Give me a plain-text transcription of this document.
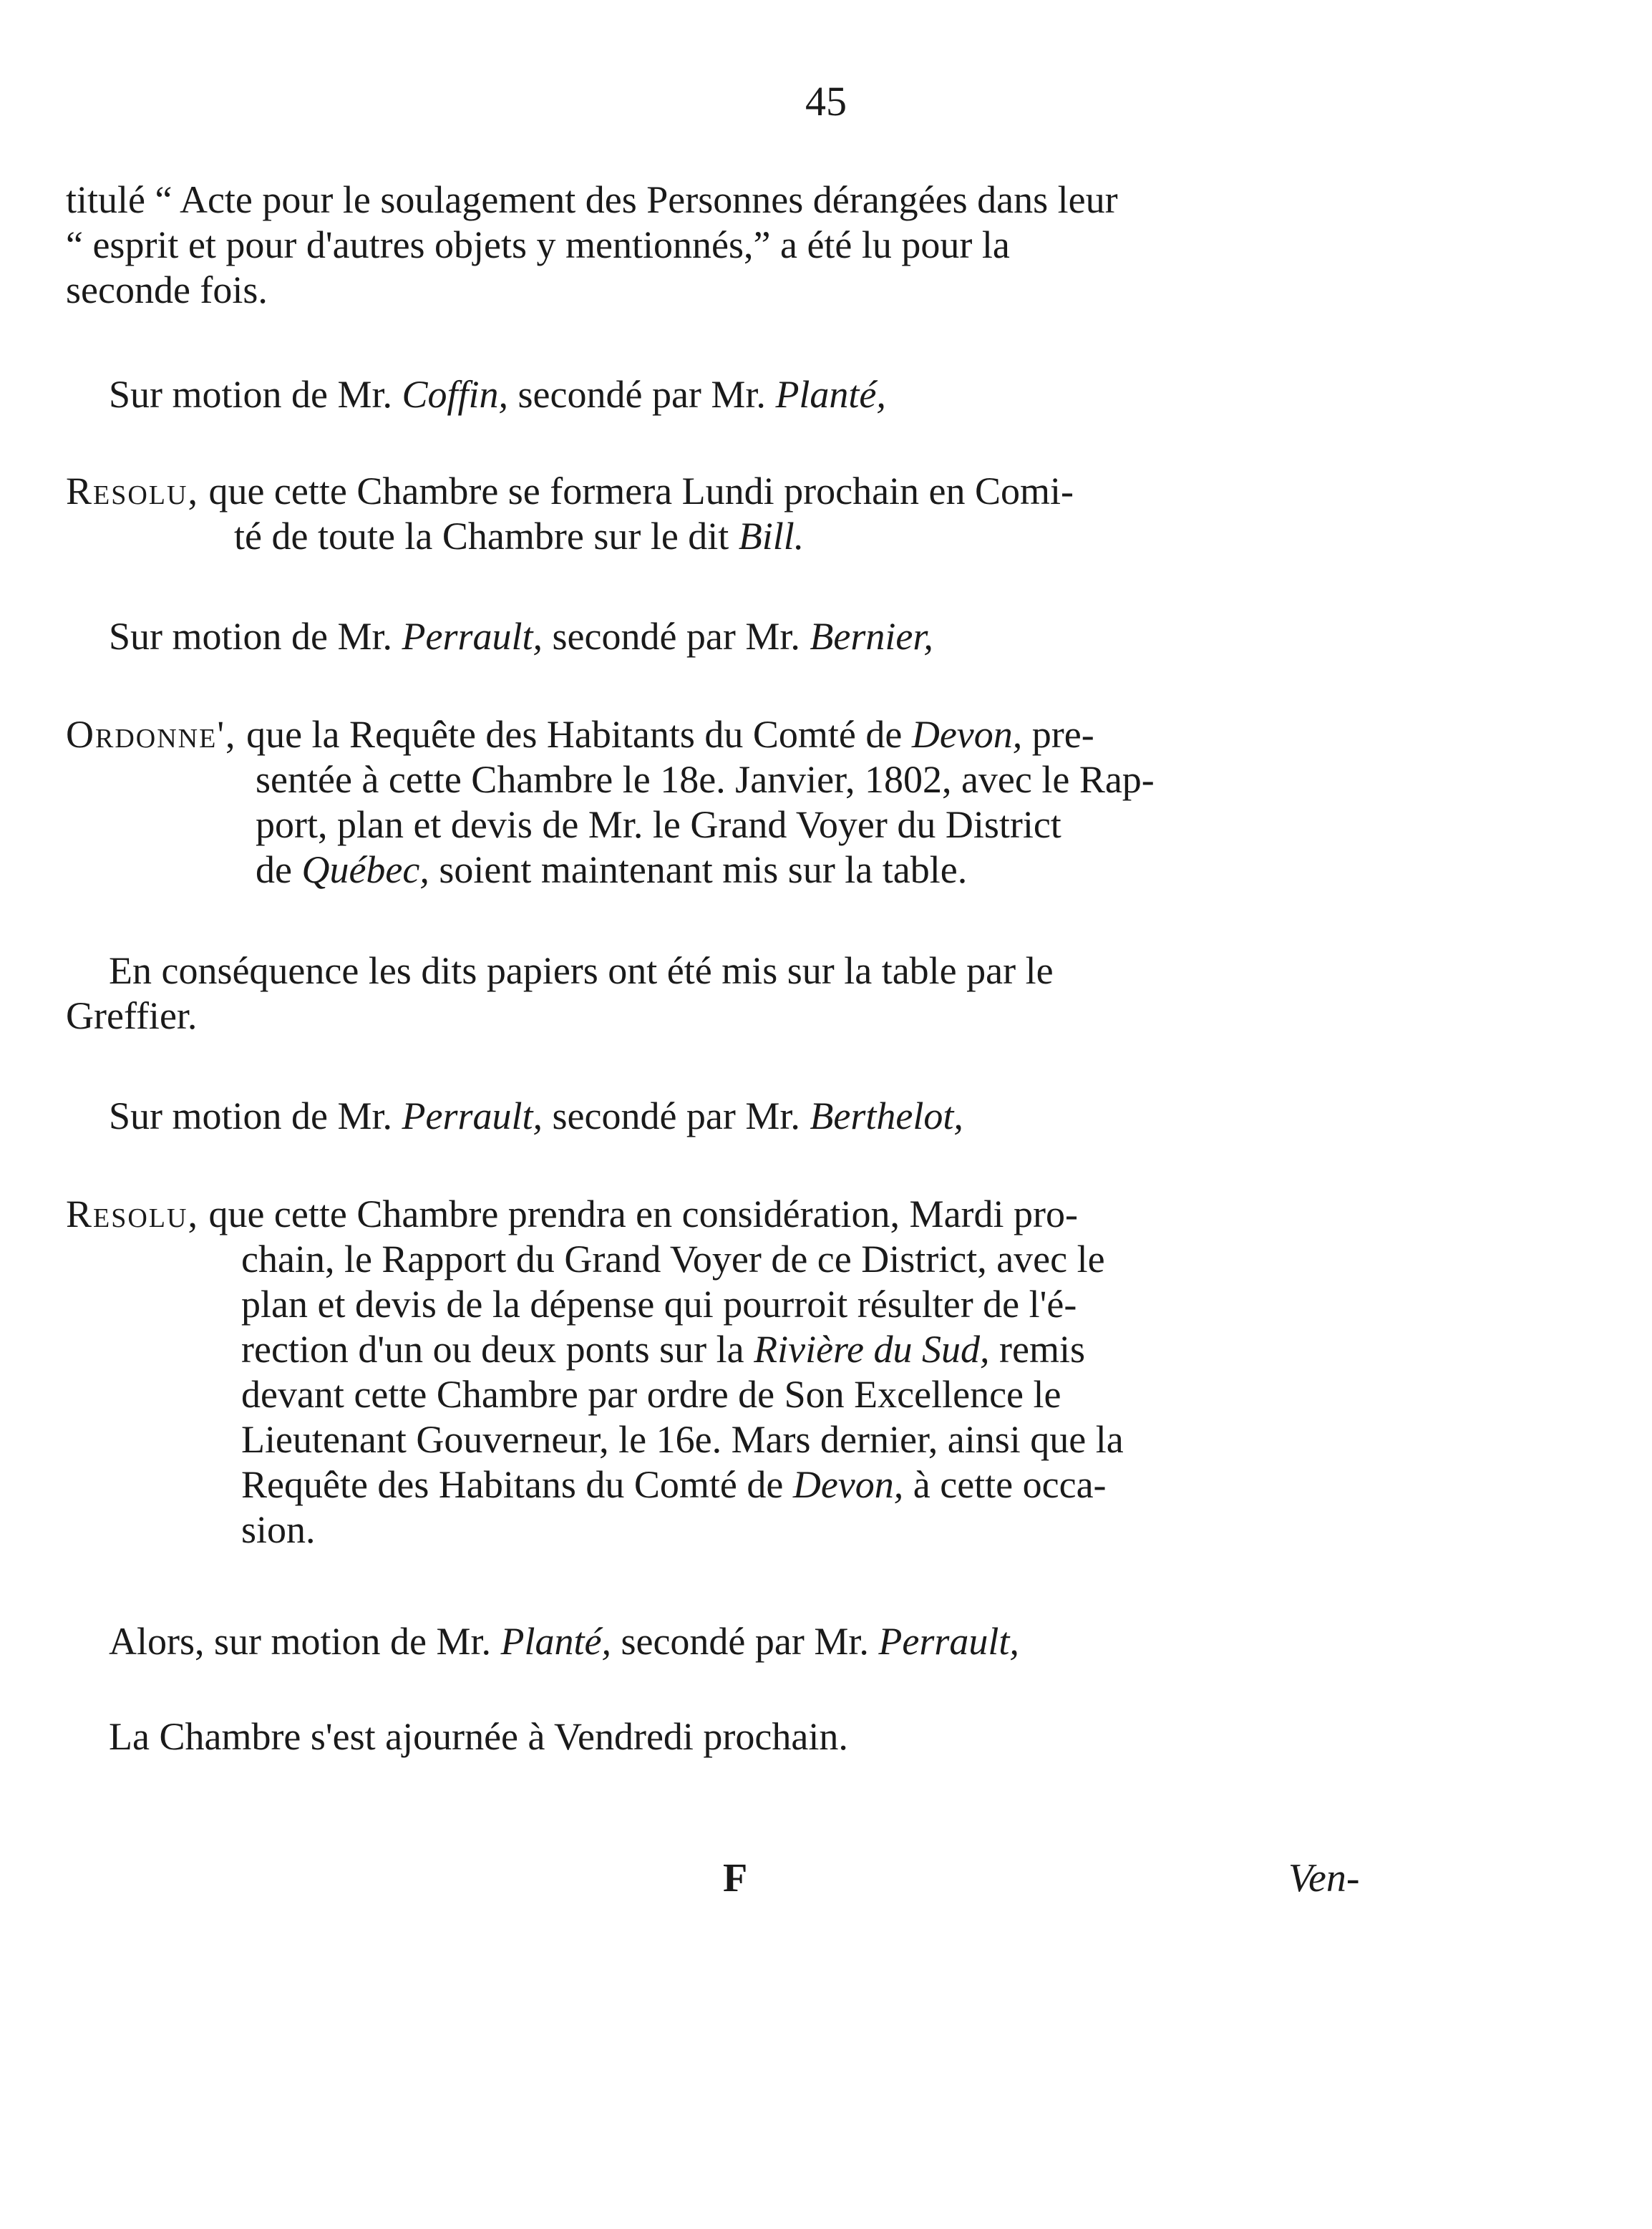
45
titulé “ Acte pour le soulagement des Personnes dérangées dans leur
“ esprit et pour d'autres objets y mentionnés,” a été lu pour la
seconde fois.
Sur motion de Mr. Coffin, secondé par Mr. Planté,
Resolu, que cette Chambre se formera Lundi prochain en Comi-
té de toute la Chambre sur le dit Bill.
Sur motion de Mr. Perrault, secondé par Mr. Bernier,
Ordonne', que la Requête des Habitants du Comté de Devon, pre-
sentée à cette Chambre le 18e. Janvier, 1802, avec le Rap-
port, plan et devis de Mr. le Grand Voyer du District
de Québec, soient maintenant mis sur la table.
En conséquence les dits papiers ont été mis sur la table par le
Greffier.
Sur motion de Mr. Perrault, secondé par Mr. Berthelot,
Resolu, que cette Chambre prendra en considération, Mardi pro-
chain, le Rapport du Grand Voyer de ce District, avec le
plan et devis de la dépense qui pourroit résulter de l'é-
rection d'un ou deux ponts sur la Rivière du Sud, remis
devant cette Chambre par ordre de Son Excellence le
Lieutenant Gouverneur, le 16e. Mars dernier, ainsi que la
Requête des Habitans du Comté de Devon, à cette occa-
sion.
Alors, sur motion de Mr. Planté, secondé par Mr. Perrault,
La Chambre s'est ajournée à Vendredi prochain.
F	Ven-
